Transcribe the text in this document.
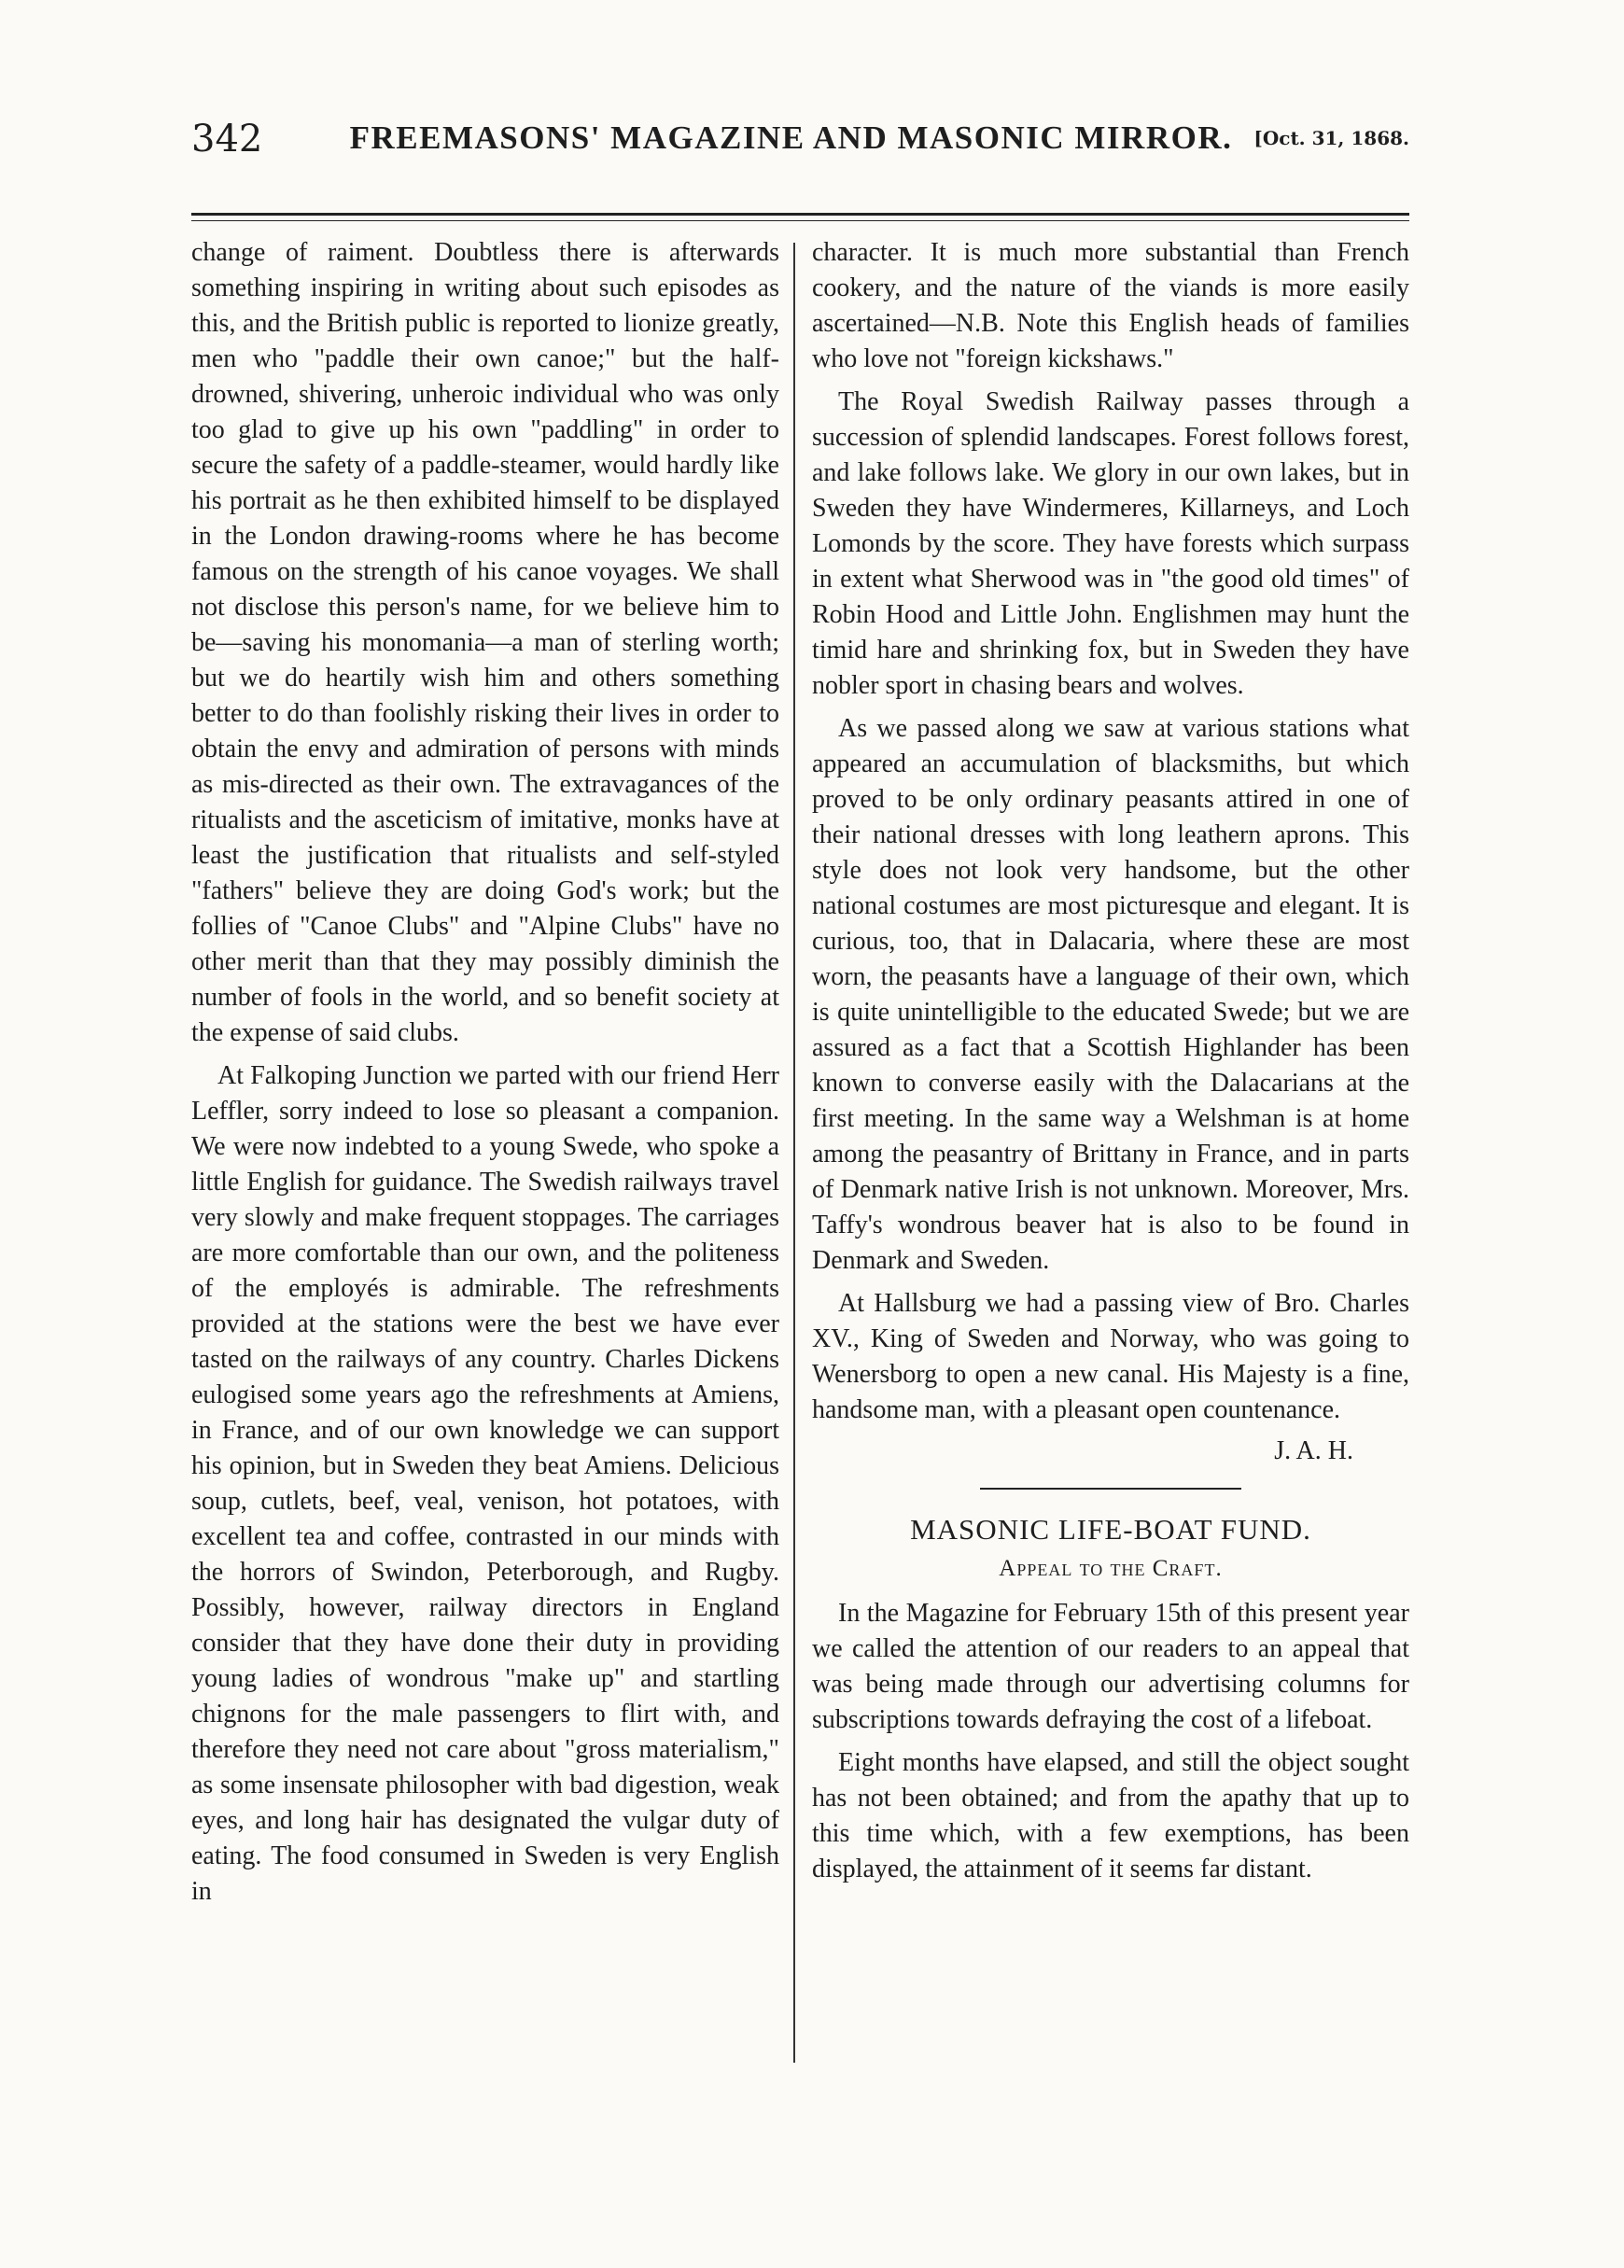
342	FREEMASONS' MAGAZINE AND MASONIC MIRROR.	[Oct. 31, 1868.

change of raiment. Doubtless there is afterwards something inspiring in writing about such episodes as this, and the British public is reported to lionize greatly, men who "paddle their own canoe;" but the half-drowned, shivering, unheroic individual who was only too glad to give up his own "paddling" in order to secure the safety of a paddle-steamer, would hardly like his portrait as he then exhibited himself to be displayed in the London drawing-rooms where he has become famous on the strength of his canoe voyages. We shall not disclose this person's name, for we believe him to be—saving his monomania—a man of sterling worth; but we do heartily wish him and others something better to do than foolishly risking their lives in order to obtain the envy and admiration of persons with minds as mis-directed as their own. The extravagances of the ritualists and the asceticism of imitative, monks have at least the justification that ritualists and self-styled "fathers" believe they are doing God's work; but the follies of "Canoe Clubs" and "Alpine Clubs" have no other merit than that they may possibly diminish the number of fools in the world, and so benefit society at the expense of said clubs.

At Falkoping Junction we parted with our friend Herr Leffler, sorry indeed to lose so pleasant a companion. We were now indebted to a young Swede, who spoke a little English for guidance. The Swedish railways travel very slowly and make frequent stoppages. The carriages are more comfortable than our own, and the politeness of the employés is admirable. The refreshments provided at the stations were the best we have ever tasted on the railways of any country. Charles Dickens eulogised some years ago the refreshments at Amiens, in France, and of our own knowledge we can support his opinion, but in Sweden they beat Amiens. Delicious soup, cutlets, beef, veal, venison, hot potatoes, with excellent tea and coffee, contrasted in our minds with the horrors of Swindon, Peterborough, and Rugby. Possibly, however, railway directors in England consider that they have done their duty in providing young ladies of wondrous "make up" and startling chignons for the male passengers to flirt with, and therefore they need not care about "gross materialism," as some insensate philosopher with bad digestion, weak eyes, and long hair has designated the vulgar duty of eating. The food consumed in Sweden is very English in

character. It is much more substantial than French cookery, and the nature of the viands is more easily ascertained—N.B. Note this English heads of families who love not "foreign kickshaws."

The Royal Swedish Railway passes through a succession of splendid landscapes. Forest follows forest, and lake follows lake. We glory in our own lakes, but in Sweden they have Windermeres, Killarneys, and Loch Lomonds by the score. They have forests which surpass in extent what Sherwood was in "the good old times" of Robin Hood and Little John. Englishmen may hunt the timid hare and shrinking fox, but in Sweden they have nobler sport in chasing bears and wolves.

As we passed along we saw at various stations what appeared an accumulation of blacksmiths, but which proved to be only ordinary peasants attired in one of their national dresses with long leathern aprons. This style does not look very handsome, but the other national costumes are most picturesque and elegant. It is curious, too, that in Dalacaria, where these are most worn, the peasants have a language of their own, which is quite unintelligible to the educated Swede; but we are assured as a fact that a Scottish Highlander has been known to converse easily with the Dalacarians at the first meeting. In the same way a Welshman is at home among the peasantry of Brittany in France, and in parts of Denmark native Irish is not unknown. Moreover, Mrs. Taffy's wondrous beaver hat is also to be found in Denmark and Sweden.

At Hallsburg we had a passing view of Bro. Charles XV., King of Sweden and Norway, who was going to Wenersborg to open a new canal. His Majesty is a fine, handsome man, with a pleasant open countenance.

J. A. H.

MASONIC LIFE-BOAT FUND.
Appeal to the Craft.

In the Magazine for February 15th of this present year we called the attention of our readers to an appeal that was being made through our advertising columns for subscriptions towards defraying the cost of a lifeboat.

Eight months have elapsed, and still the object sought has not been obtained; and from the apathy that up to this time which, with a few exemptions, has been displayed, the attainment of it seems far distant.
